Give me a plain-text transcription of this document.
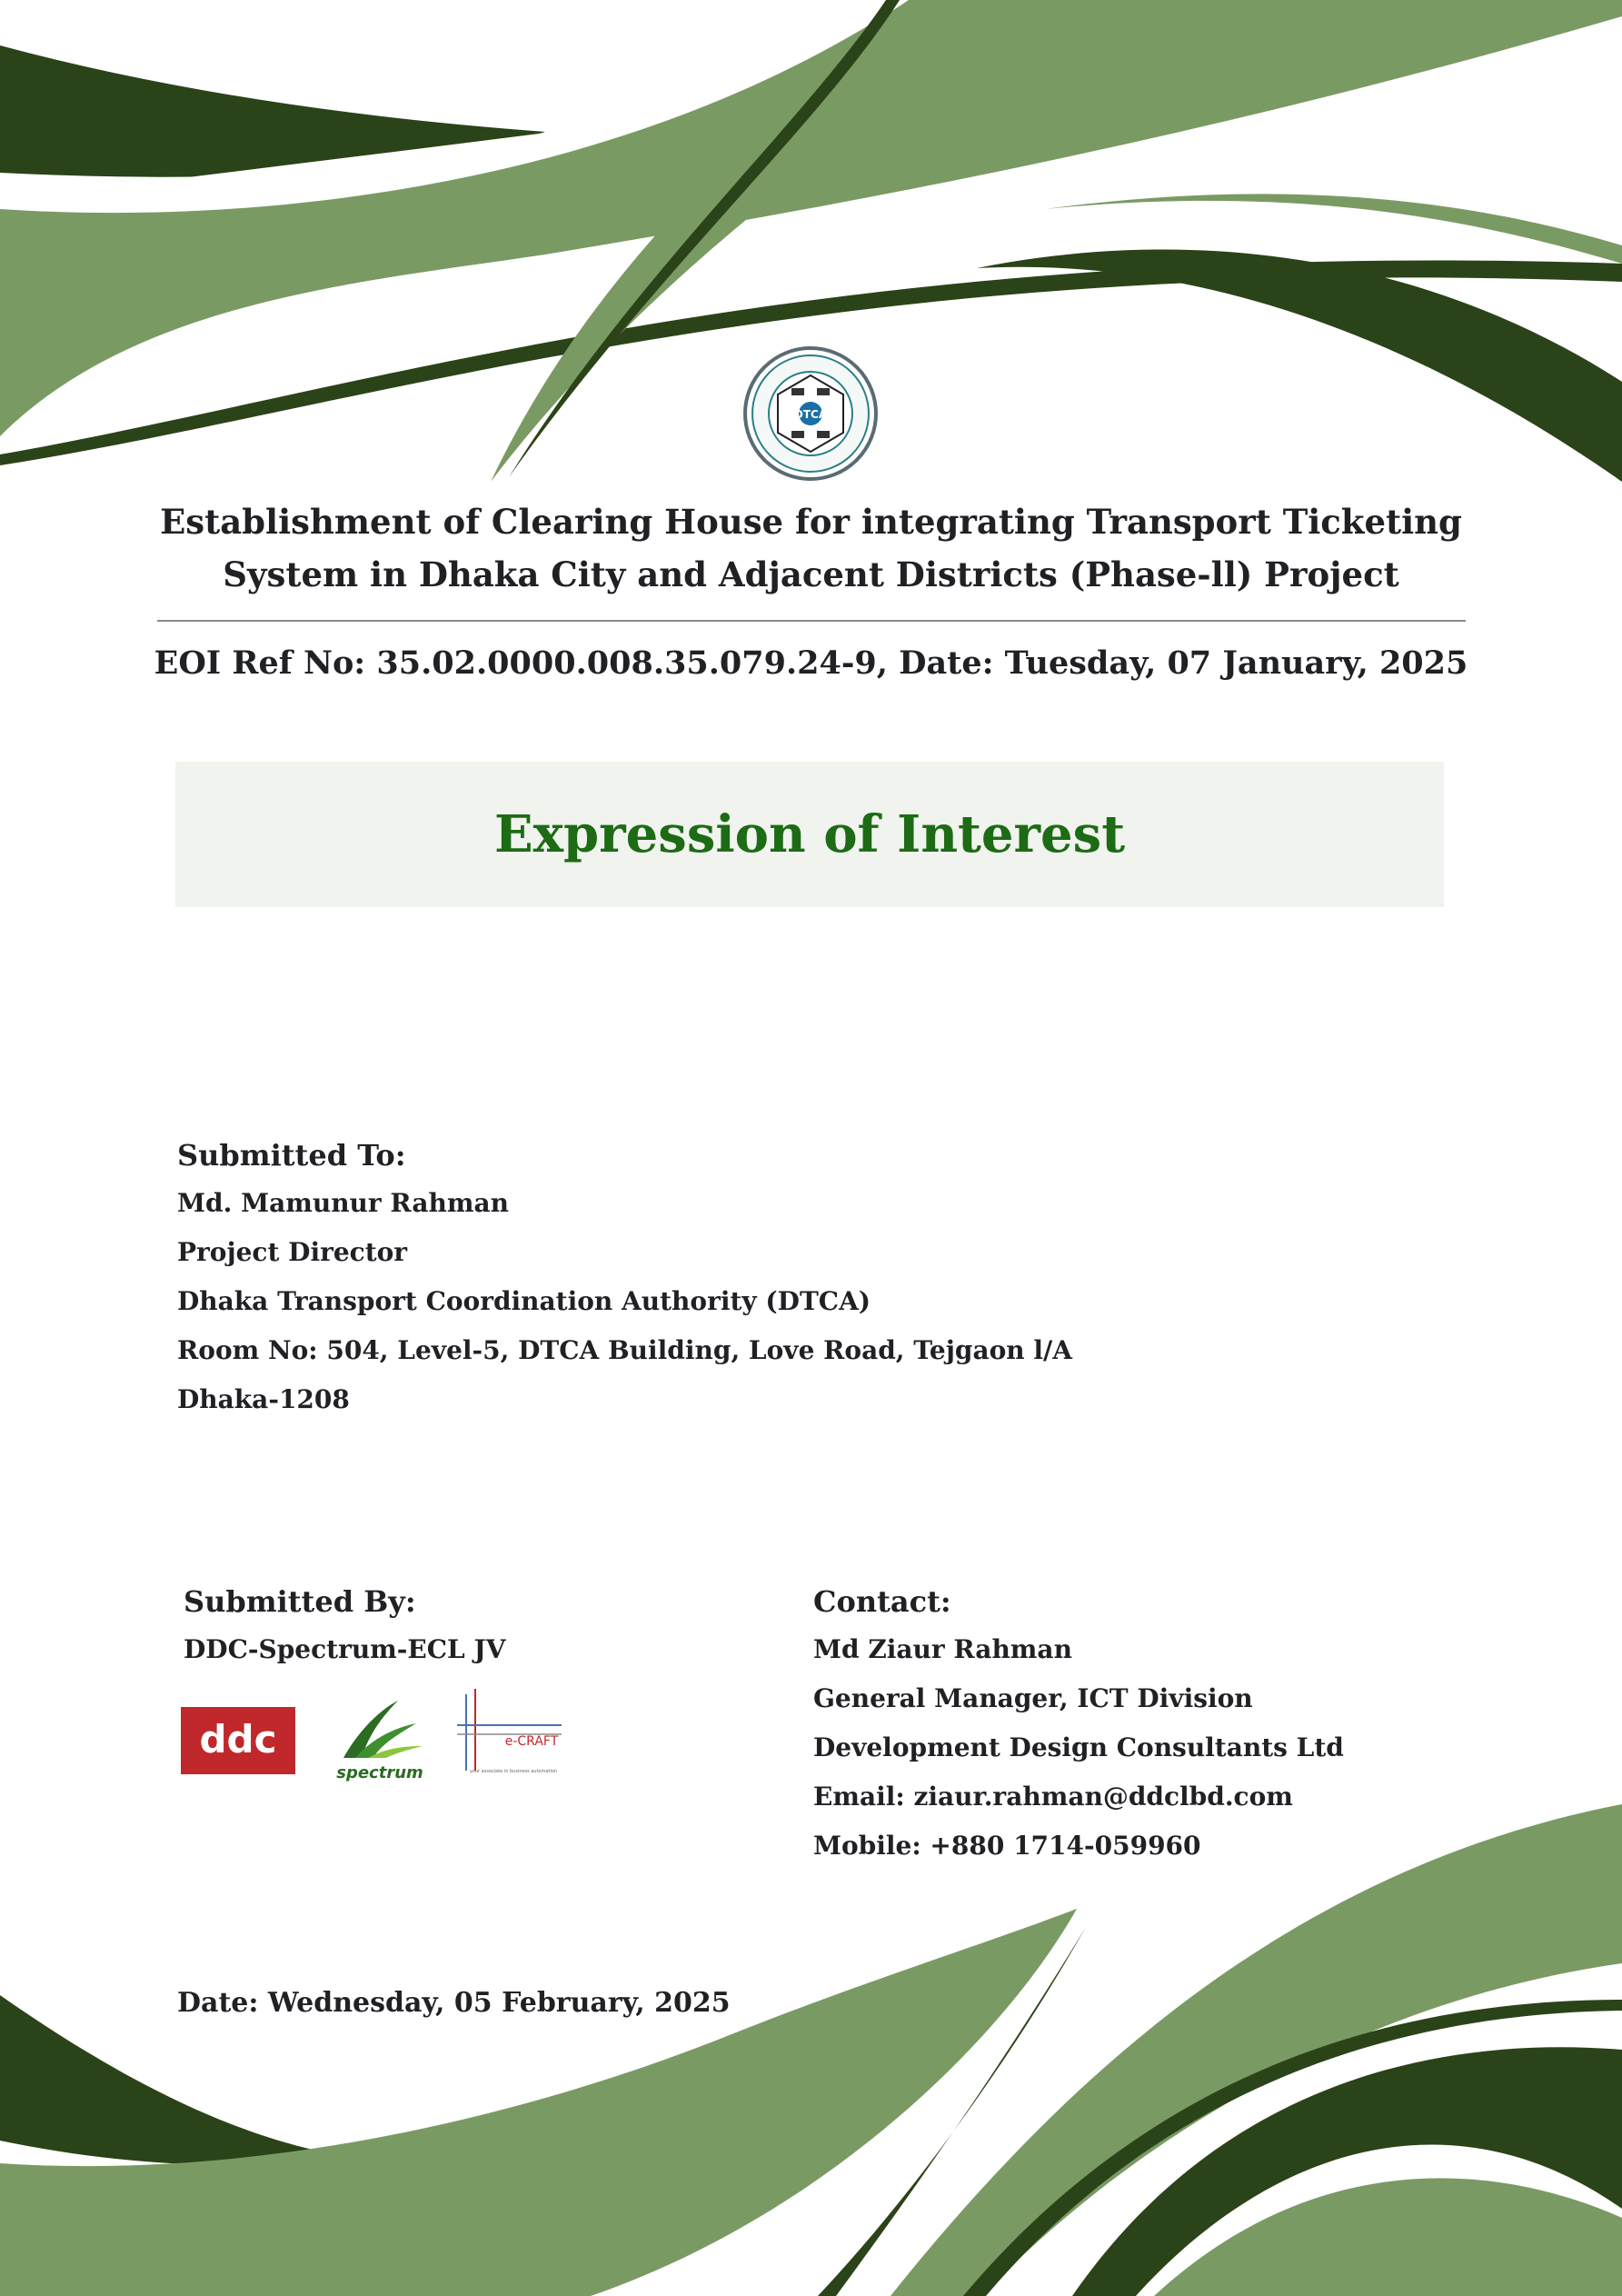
DTCA
Establishment of Clearing House for integrating Transport Ticketing
System in Dhaka City and Adjacent Districts (Phase-ll) Project
EOI Ref No: 35.02.0000.008.35.079.24-9, Date: Tuesday, 07 January, 2025
Expression of Interest
Submitted To:
Md. Mamunur Rahman
Project Director
Dhaka Transport Coordination Authority (DTCA)
Room No: 504, Level-5, DTCA Building, Love Road, Tejgaon l/A
Dhaka-1208
Submitted By:
DDC-Spectrum-ECL JV
ddc
spectrum
e-CRAFT
your associate in business automation
Contact:
Md Ziaur Rahman
General Manager, ICT Division
Development Design Consultants Ltd
Email: ziaur.rahman@ddclbd.com
Mobile: +880 1714-059960
Date: Wednesday, 05 February, 2025
